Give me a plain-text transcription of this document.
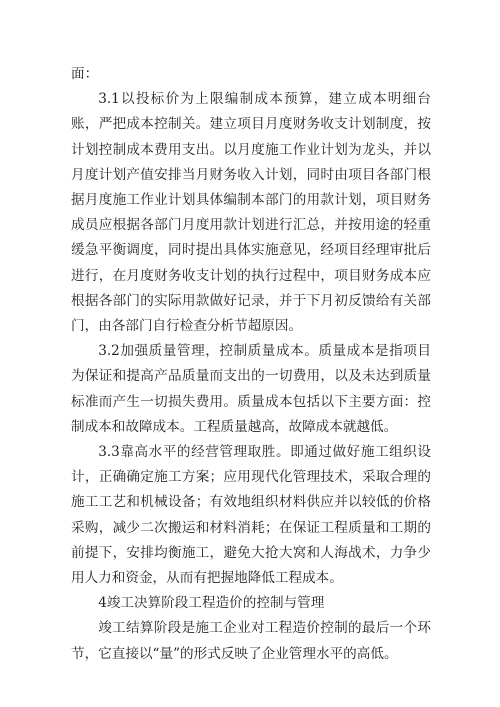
面：

3.1以投标价为上限编制成本预算，建立成本明细台账，严把成本控制关。建立项目月度财务收支计划制度，按计划控制成本费用支出。以月度施工作业计划为龙头，并以月度计划产值安排当月财务收入计划，同时由项目各部门根据月度施工作业计划具体编制本部门的用款计划，项目财务成员应根据各部门月度用款计划进行汇总，并按用途的轻重缓急平衡调度，同时提出具体实施意见，经项目经理审批后进行，在月度财务收支计划的执行过程中，项目财务成本应根据各部门的实际用款做好记录，并于下月初反馈给有关部门，由各部门自行检查分析节超原因。

3.2加强质量管理，控制质量成本。质量成本是指项目为保证和提高产品质量而支出的一切费用，以及未达到质量标准而产生一切损失费用。质量成本包括以下主要方面：控制成本和故障成本。工程质量越高，故障成本就越低。

3.3靠高水平的经营管理取胜。即通过做好施工组织设计，正确确定施工方案；应用现代化管理技术，采取合理的施工工艺和机械设备；有效地组织材料供应并以较低的价格采购，减少二次搬运和材料消耗；在保证工程质量和工期的前提下，安排均衡施工，避免大抢大窝和人海战术，力争少用人力和资金，从而有把握地降低工程成本。

4竣工决算阶段工程造价的控制与管理

竣工结算阶段是施工企业对工程造价控制的最后一个环节，它直接以“量”的形式反映了企业管理水平的高低。
